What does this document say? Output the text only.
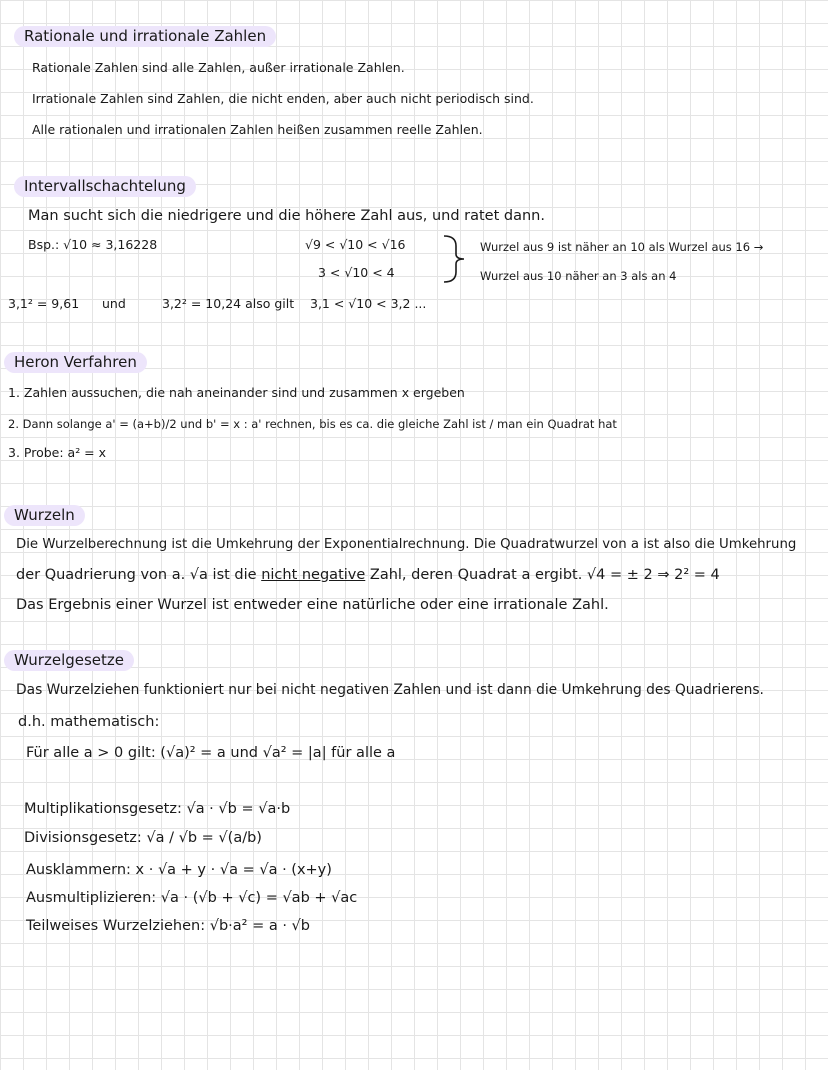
Rationale und irrationale Zahlen
Rationale Zahlen sind alle Zahlen, außer irrationale Zahlen.
Irrationale Zahlen sind Zahlen, die nicht enden, aber auch nicht periodisch sind.
Alle rationalen und irrationalen Zahlen heißen zusammen reelle Zahlen.
Intervallschachtelung
Man sucht sich die niedrigere und die höhere Zahl aus, und ratet dann.
Bsp.: √10 ≈ 3,16228	√9 < √10 < √16
3 < √10 < 4
Wurzel aus 9 ist näher an 10 als Wurzel aus 16 →
Wurzel aus 10 näher an 3 als an 4
3,1² = 9,61 und	3,2² = 10,24 also gilt 3,1 < √10 < 3,2 ...
Heron Verfahren
1. Zahlen aussuchen, die nah aneinander sind und zusammen x ergeben
2. Dann solange a' = (a+b)/2 und b' = x : a' rechnen, bis es ca. die gleiche Zahl ist / man ein Quadrat hat
3. Probe: a² = x
Wurzeln
Die Wurzelberechnung ist die Umkehrung der Exponentialrechnung. Die Quadratwurzel von a ist also die Umkehrung
der Quadrierung von a. √a ist die nicht negative Zahl, deren Quadrat a ergibt. √4 = ± 2 ⇒ 2² = 4
Das Ergebnis einer Wurzel ist entweder eine natürliche oder eine irrationale Zahl.
Wurzelgesetze
Das Wurzelziehen funktioniert nur bei nicht negativen Zahlen und ist dann die Umkehrung des Quadrierens.
d.h. mathematisch:
Für alle a > 0 gilt: (√a)² = a und √a² = |a| für alle a
Multiplikationsgesetz: √a · √b = √a·b
Divisionsgesetz: √a / √b = √(a/b)
Ausklammern: x · √a + y · √a = √a · (x+y)
Ausmultiplizieren: √a · (√b + √c) = √ab + √ac
Teilweises Wurzelziehen: √b·a² = a · √b
